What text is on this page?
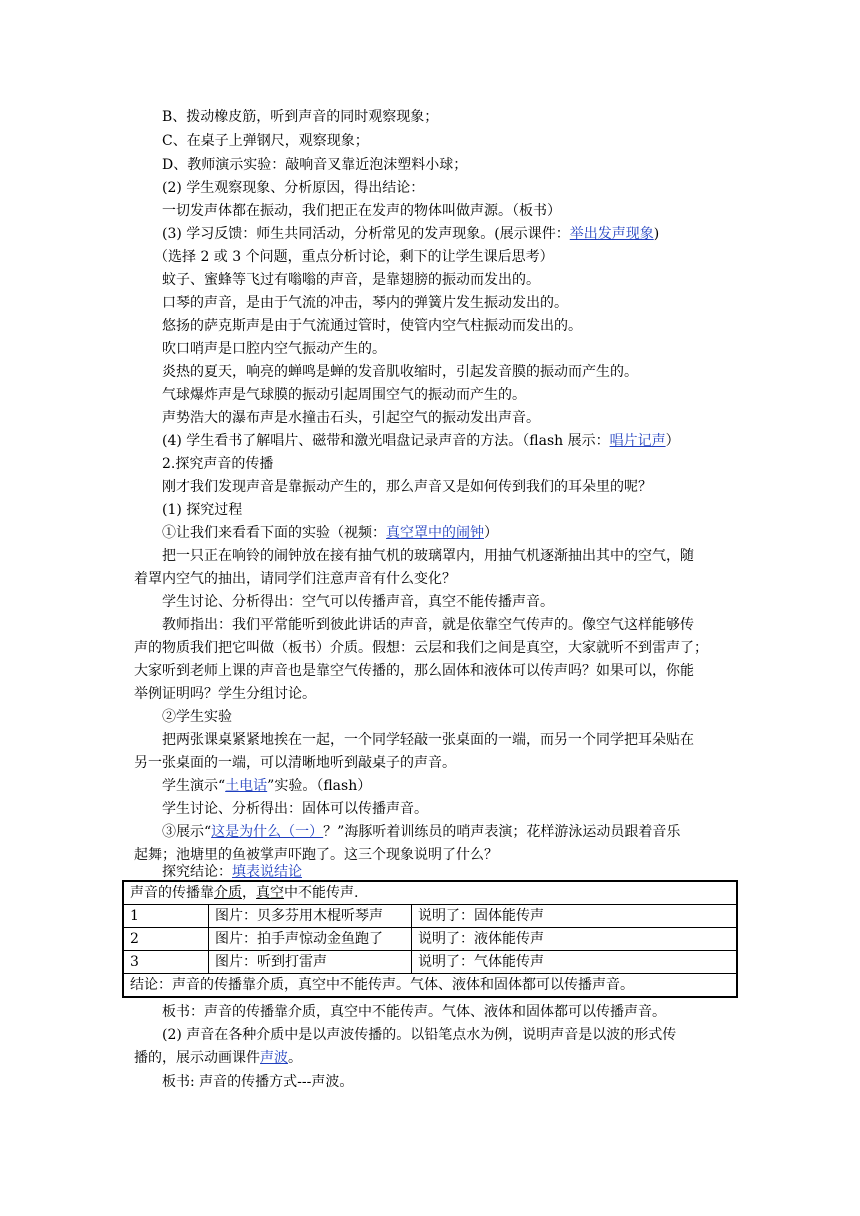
B、拨动橡皮筋，听到声音的同时观察现象；
C、在桌子上弹钢尺，观察现象；
D、教师演示实验：敲响音叉靠近泡沫塑料小球；
(2) 学生观察现象、分析原因，得出结论：
一切发声体都在振动，我们把正在发声的物体叫做声源。（板书）
(3) 学习反馈：师生共同活动，分析常见的发声现象。(展示课件：举出发声现象)
（选择 2 或 3 个问题，重点分析讨论，剩下的让学生课后思考）
蚊子、蜜蜂等飞过有嗡嗡的声音，是靠翅膀的振动而发出的。
口琴的声音，是由于气流的冲击，琴内的弹簧片发生振动发出的。
悠扬的萨克斯声是由于气流通过管时，使管内空气柱振动而发出的。
吹口哨声是口腔内空气振动产生的。
炎热的夏天，响亮的蝉鸣是蝉的发音肌收缩时，引起发音膜的振动而产生的。
气球爆炸声是气球膜的振动引起周围空气的振动而产生的。
声势浩大的瀑布声是水撞击石头，引起空气的振动发出声音。
(4) 学生看书了解唱片、磁带和激光唱盘记录声音的方法。（flash 展示：唱片记声）
2.探究声音的传播
刚才我们发现声音是靠振动产生的，那么声音又是如何传到我们的耳朵里的呢？
(1) 探究过程
①让我们来看看下面的实验（视频：真空罩中的闹钟）
把一只正在响铃的闹钟放在接有抽气机的玻璃罩内，用抽气机逐渐抽出其中的空气，随
着罩内空气的抽出，请同学们注意声音有什么变化？
学生讨论、分析得出：空气可以传播声音，真空不能传播声音。
教师指出：我们平常能听到彼此讲话的声音，就是依靠空气传声的。像空气这样能够传
声的物质我们把它叫做（板书）介质。假想：云层和我们之间是真空，大家就听不到雷声了；
大家听到老师上课的声音也是靠空气传播的，那么固体和液体可以传声吗？如果可以，你能
举例证明吗？学生分组讨论。
②学生实验
把两张课桌紧紧地挨在一起，一个同学轻敲一张桌面的一端，而另一个同学把耳朵贴在
另一张桌面的一端，可以清晰地听到敲桌子的声音。
学生演示“土电话”实验。（flash）
学生讨论、分析得出：固体可以传播声音。
③展示“这是为什么（一）？”海豚听着训练员的哨声表演；花样游泳运动员跟着音乐
起舞；池塘里的鱼被掌声吓跑了。这三个现象说明了什么？
探究结论：填表说结论
声音的传播靠介质，真空中不能传声.		
1	图片：贝多芬用木棍听琴声	说明了：固体能传声
2	图片：拍手声惊动金鱼跑了	说明了：液体能传声
3	图片：听到打雷声	说明了：气体能传声
结论：声音的传播靠介质，真空中不能传声。气体、液体和固体都可以传播声音。		
板书：声音的传播靠介质，真空中不能传声。气体、液体和固体都可以传播声音。
(2) 声音在各种介质中是以声波传播的。以铅笔点水为例，说明声音是以波的形式传
播的，展示动画课件声波。
板书: 声音的传播方式---声波。
